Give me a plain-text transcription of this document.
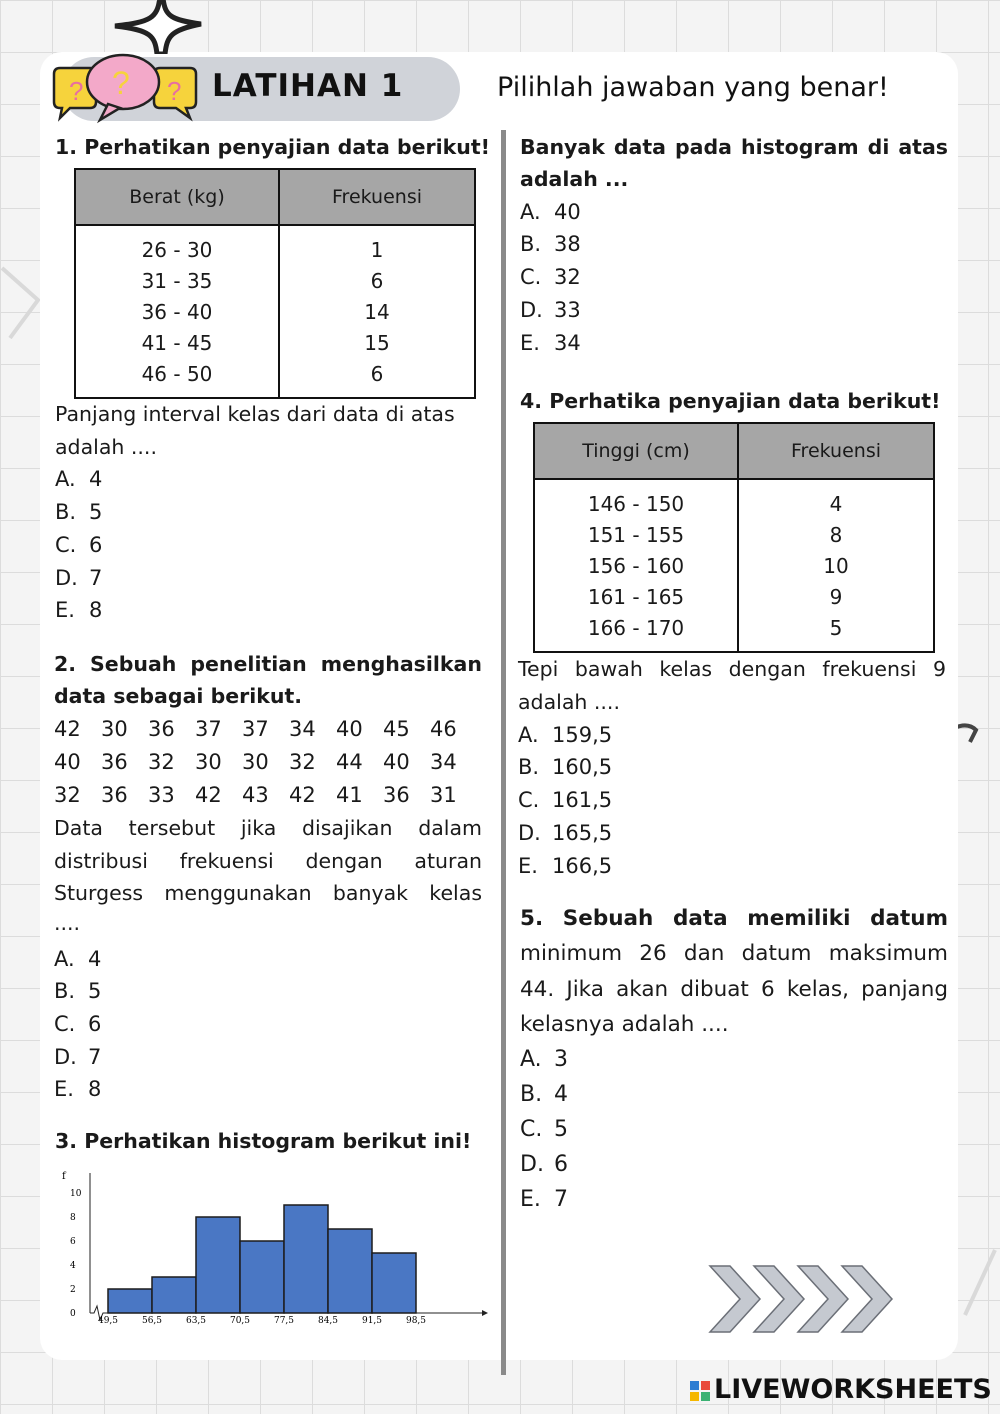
?	?
?	LATIHAN 1	Pilihlah jawaban yang benar!
1. Perhatikan penyajian data berikut!
Berat (kg)	Frekuensi
26 - 30	1
31 - 35	6
36 - 40	14
41 - 45	15
46 - 50	6
Panjang interval kelas dari data di atas
adalah ....
A. 4
B. 5
C. 6
D. 7
E. 8
2. Sebuah penelitian menghasilkan
data sebagai berikut.
42 30 36 37 37 34 40 45 46
40 36 32 30 30 32 44 40 34
32 36 33 42 43 42 41 36 31
Data tersebut jika disajikan dalam
distribusi frekuensi dengan aturan
Sturgess menggunakan banyak kelas
....
A. 4
B. 5
C. 6
D. 7
E. 8
3. Perhatikan histogram berikut ini!
f
0
2
4
6
8
10
49,5	56,5	63,5	70,5	77,5	84,5	91,5	98,5
Banyak data pada histogram di atas
adalah ...
A. 40
B. 38
C. 32
D. 33
E. 34
4. Perhatika penyajian data berikut!
Tinggi (cm)	Frekuensi
146 - 150	4
151 - 155	8
156 - 160	10
161 - 165	9
166 - 170	5
Tepi bawah kelas dengan frekuensi 9
adalah ....
A. 159,5
B. 160,5
C. 161,5
D. 165,5
E. 166,5
5. Sebuah data memiliki datum
minimum 26 dan datum maksimum
44. Jika akan dibuat 6 kelas, panjang
kelasnya adalah ....
A. 3
B. 4
C. 5
D. 6
E. 7
LIVEWORKSHEETS
